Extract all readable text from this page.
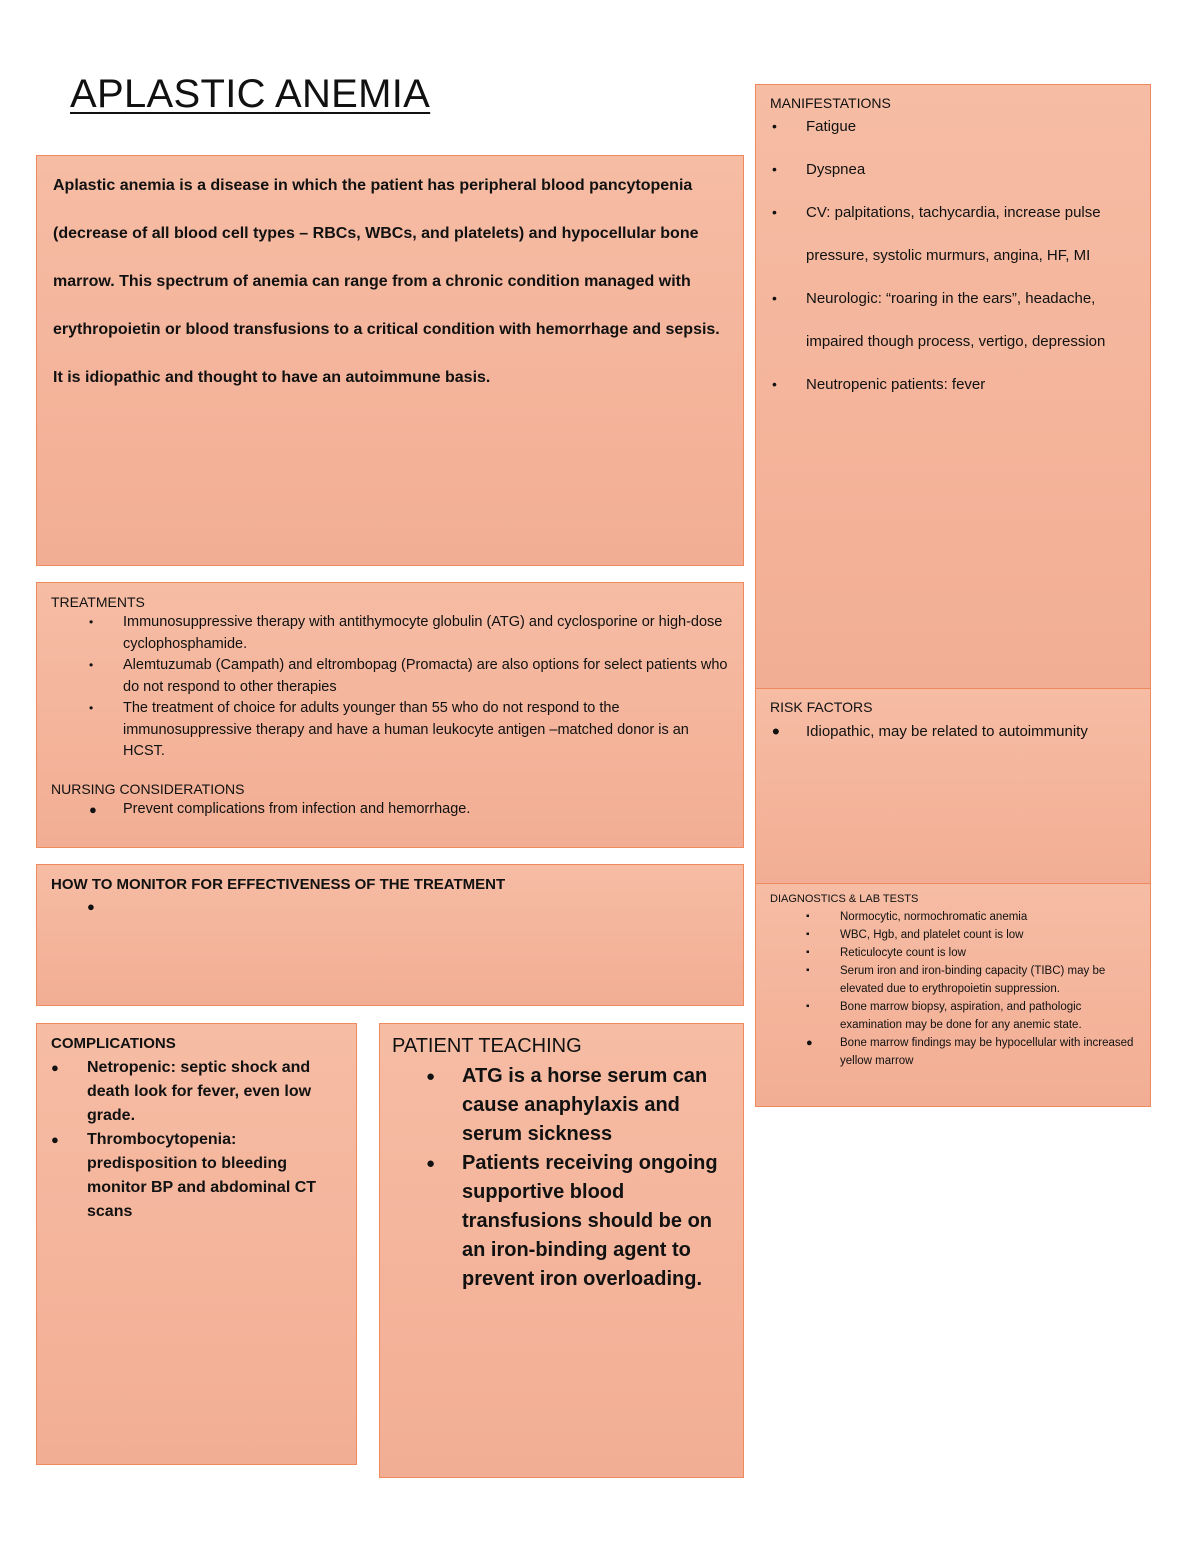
APLASTIC ANEMIA

Aplastic anemia is a disease in which the patient has peripheral blood pancytopenia (decrease of all blood cell types – RBCs, WBCs, and platelets) and hypocellular bone marrow. This spectrum of anemia can range from a chronic condition managed with erythropoietin or blood transfusions to a critical condition with hemorrhage and sepsis. It is idiopathic and thought to have an autoimmune basis.

MANIFESTATIONS
• Fatigue
• Dyspnea
• CV: palpitations, tachycardia, increase pulse pressure, systolic murmurs, angina, HF, MI
• Neurologic: “roaring in the ears”, headache, impaired though process, vertigo, depression
• Neutropenic patients: fever
RISK FACTORS
• Idiopathic, may be related to autoimmunity
DIAGNOSTICS & LAB TESTS
▪ Normocytic, normochromatic anemia
▪ WBC, Hgb, and platelet count is low
▪ Reticulocyte count is low
▪ Serum iron and iron-binding capacity (TIBC) may be elevated due to erythropoietin suppression.
▪ Bone marrow biopsy, aspiration, and pathologic examination may be done for any anemic state.
● Bone marrow findings may be hypocellular with increased yellow marrow
TREATMENTS
• Immunosuppressive therapy with antithymocyte globulin (ATG) and cyclosporine or high-dose cyclophosphamide.
• Alemtuzumab (Campath) and eltrombopag (Promacta) are also options for select patients who do not respond to other therapies
• The treatment of choice for adults younger than 55 who do not respond to the immunosuppressive therapy and have a human leukocyte antigen –matched donor is an HCST.
NURSING CONSIDERATIONS
● Prevent complications from infection and hemorrhage.
HOW TO MONITOR FOR EFFECTIVENESS OF THE TREATMENT
●
COMPLICATIONS
● Netropenic: septic shock and death look for fever, even low grade.
● Thrombocytopenia: predisposition to bleeding monitor BP and abdominal CT scans
PATIENT TEACHING
● ATG is a horse serum can cause anaphylaxis and serum sickness
● Patients receiving ongoing supportive blood transfusions should be on an iron-binding agent to prevent iron overloading.
